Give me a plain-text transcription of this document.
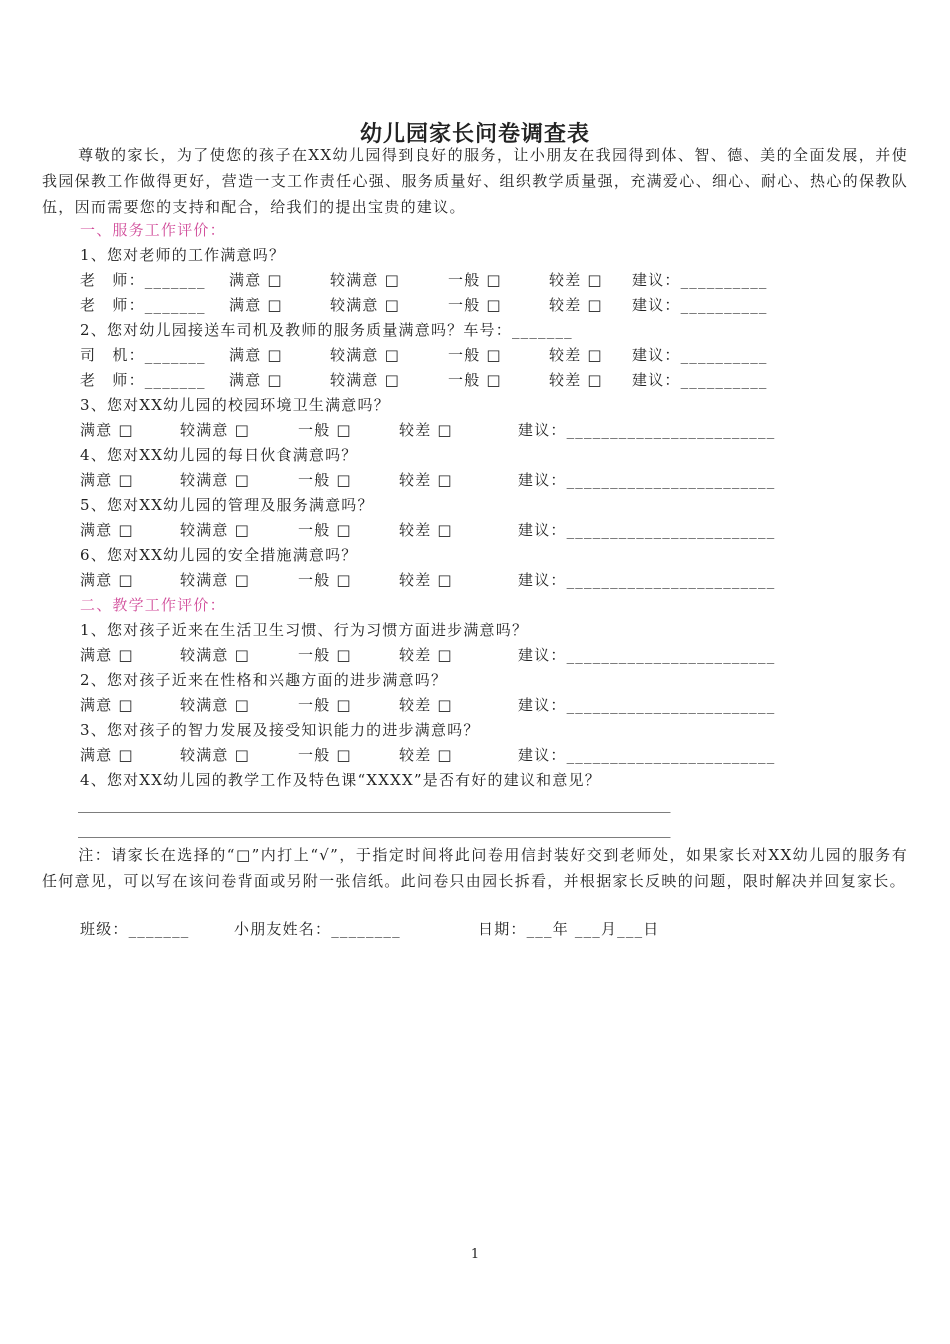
幼儿园家长问卷调查表
尊敬的家长，为了使您的孩子在XX幼儿园得到良好的服务，让小朋友在我园得到体、智、德、美的全面发展，并使我园保教工作做得更好，营造一支工作责任心强、服务质量好、组织教学质量强，充满爱心、细心、耐心、热心的保教队伍，因而需要您的支持和配合，给我们的提出宝贵的建议。
一、服务工作评价：
1、您对老师的工作满意吗？
老　师：_______ 满意 □	较满意 □	一般 □	较差 □ 建议：__________
老　师：_______ 满意 □	较满意 □	一般 □	较差 □ 建议：__________
2、您对幼儿园接送车司机及教师的服务质量满意吗？车号：_______
司　机：_______ 满意 □	较满意 □	一般 □	较差 □ 建议：__________
老　师：_______ 满意 □	较满意 □	一般 □	较差 □ 建议：__________
3、您对XX幼儿园的校园环境卫生满意吗？
满意 □	较满意 □	一般 □	较差 □	建议：________________________
4、您对XX幼儿园的每日伙食满意吗？
满意 □	较满意 □	一般 □	较差 □	建议：________________________
5、您对XX幼儿园的管理及服务满意吗？
满意 □	较满意 □	一般 □	较差 □	建议：________________________
6、您对XX幼儿园的安全措施满意吗？
满意 □	较满意 □	一般 □	较差 □	建议：________________________
二、教学工作评价：
1、您对孩子近来在生活卫生习惯、行为习惯方面进步满意吗？
满意 □	较满意 □	一般 □	较差 □	建议：________________________
2、您对孩子近来在性格和兴趣方面的进步满意吗？
满意 □	较满意 □	一般 □	较差 □	建议：________________________
3、您对孩子的智力发展及接受知识能力的进步满意吗？
满意 □	较满意 □	一般 □	较差 □	建议：________________________
4、您对XX幼儿园的教学工作及特色课“XXXX”是否有好的建议和意见？
_______________________________________________________________________________
_______________________________________________________________________________
注：请家长在选择的“□”内打上“√”，于指定时间将此问卷用信封装好交到老师处，如果家长对XX幼儿园的服务有任何意见，可以写在该问卷背面或另附一张信纸。此问卷只由园长拆看，并根据家长反映的问题，限时解决并回复家长。
班级：_______	小朋友姓名：________	日期：___年 ___月___日
1
